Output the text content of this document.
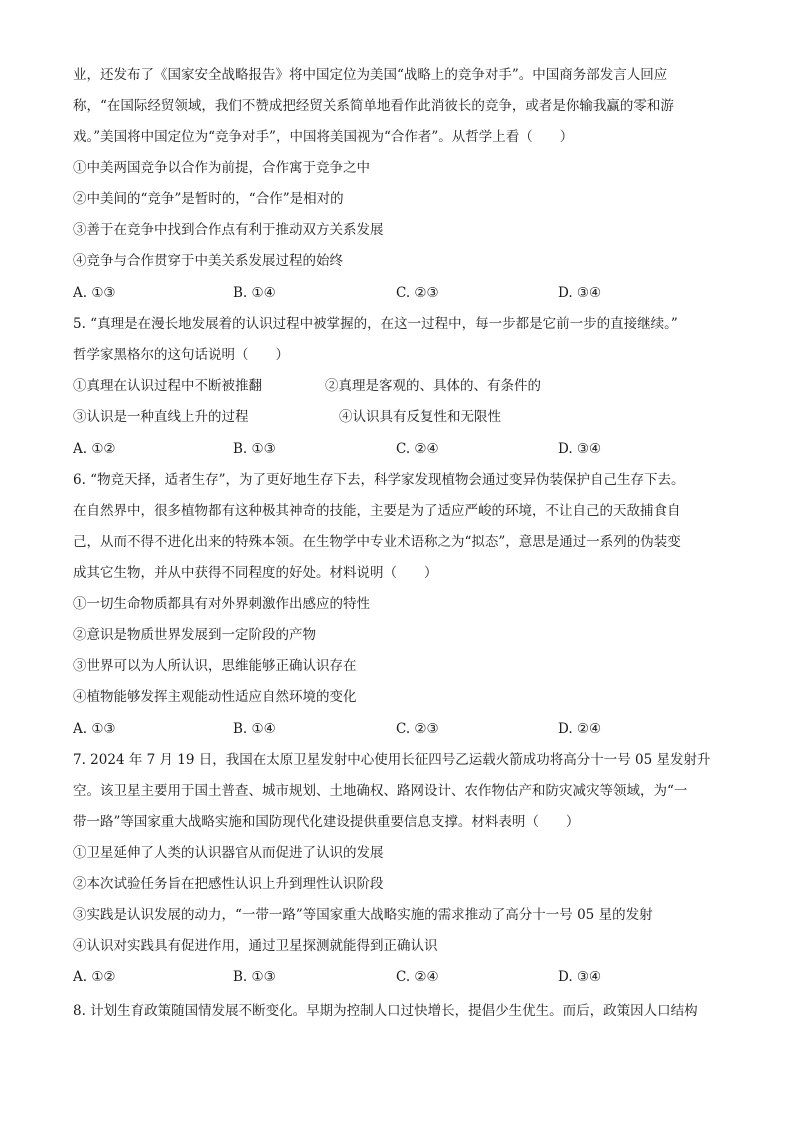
业，还发布了《国家安全战略报告》将中国定位为美国“战略上的竞争对手”。中国商务部发言人回应
称，“在国际经贸领域，我们不赞成把经贸关系简单地看作此消彼长的竞争，或者是你输我赢的零和游
戏。”美国将中国定位为“竞争对手”，中国将美国视为“合作者”。从哲学上看（　　）
①中美两国竞争以合作为前提，合作寓于竞争之中
②中美间的“竞争”是暂时的，“合作”是相对的
③善于在竞争中找到合作点有利于推动双方关系发展
④竞争与合作贯穿于中美关系发展过程的始终
A. ①③	B. ①④	C. ②③	D. ③④
5. “真理是在漫长地发展着的认识过程中被掌握的，在这一过程中，每一步都是它前一步的直接继续。”
哲学家黑格尔的这句话说明（　　）
①真理在认识过程中不断被推翻	②真理是客观的、具体的、有条件的
③认识是一种直线上升的过程	④认识具有反复性和无限性
A. ①②	B. ①③	C. ②④	D. ③④
6. “物竞天择，适者生存”，为了更好地生存下去，科学家发现植物会通过变异伪装保护自己生存下去。
在自然界中，很多植物都有这种极其神奇的技能，主要是为了适应严峻的环境，不让自己的天敌捕食自
己，从而不得不进化出来的特殊本领。在生物学中专业术语称之为“拟态”，意思是通过一系列的伪装变
成其它生物，并从中获得不同程度的好处。材料说明（　　）
①一切生命物质都具有对外界刺激作出感应的特性
②意识是物质世界发展到一定阶段的产物
③世界可以为人所认识，思维能够正确认识存在
④植物能够发挥主观能动性适应自然环境的变化
A. ①③	B. ①④	C. ②③	D. ②④
7. 2024 年 7 月 19 日，我国在太原卫星发射中心使用长征四号乙运载火箭成功将高分十一号 05 星发射升
空。该卫星主要用于国土普查、城市规划、土地确权、路网设计、农作物估产和防灾减灾等领域，为“一
带一路”等国家重大战略实施和国防现代化建设提供重要信息支撑。材料表明（　　）
①卫星延伸了人类的认识器官从而促进了认识的发展
②本次试验任务旨在把感性认识上升到理性认识阶段
③实践是认识发展的动力，“一带一路”等国家重大战略实施的需求推动了高分十一号 05 星的发射
④认识对实践具有促进作用，通过卫星探测就能得到正确认识
A. ①②	B. ①③	C. ②④	D. ③④
8. 计划生育政策随国情发展不断变化。早期为控制人口过快增长，提倡少生优生。而后，政策因人口结构
